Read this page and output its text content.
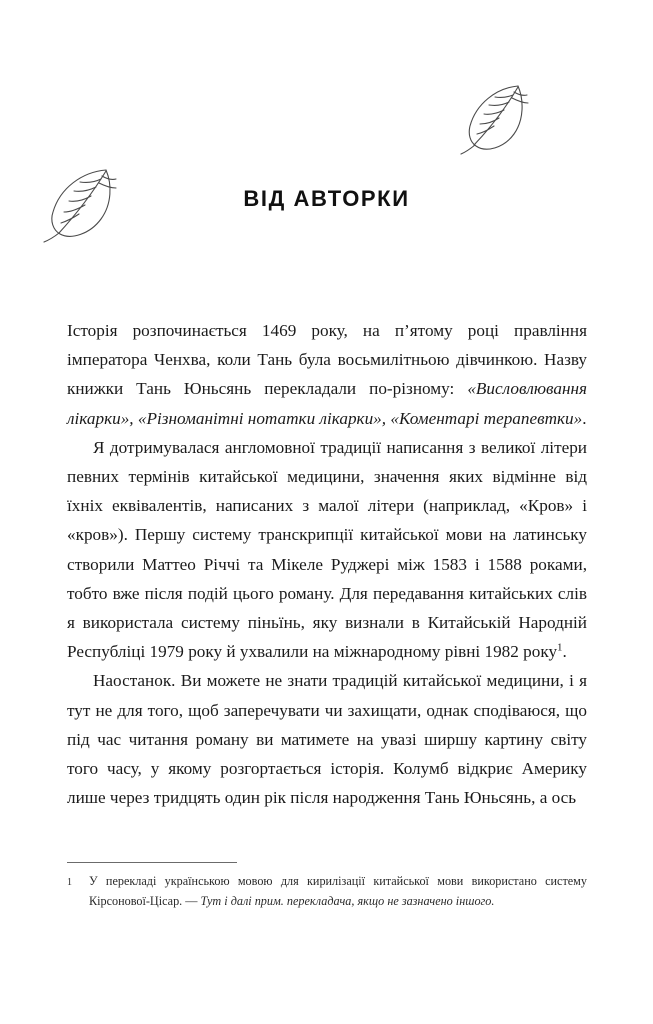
ВІД АВТОРКИ

Історія розпочинається 1469 року, на п’ятому році правління імператора Ченхва, коли Тань була восьмилітньою дівчинкою. Назву книжки Тань Юньсянь перекладали по-різному: «Висловлювання лікарки», «Різноманітні нотатки лікарки», «Коментарі терапевтки».

Я дотримувалася англомовної традиції написання з великої літери певних термінів китайської медицини, значення яких відмінне від їхніх еквівалентів, написаних з малої літери (наприклад, «Кров» і «кров»). Першу систему транскрипції китайської мови на латинську створили Маттео Річчі та Мікеле Руджері між 1583 і 1588 роками, тобто вже після подій цього роману. Для передавання китайських слів я використала систему піньїнь, яку визнали в Китайській Народній Республіці 1979 року й ухвалили на міжнародному рівні 1982 року$^1$.

Наостанок. Ви можете не знати традицій китайської медицини, і я тут не для того, щоб заперечувати чи захищати, однак сподіваюся, що під час читання роману ви матимете на увазі ширшу картину світу того часу, у якому розгортається історія. Колумб відкриє Америку лише через тридцять один рік після народження Тань Юньсянь, а ось

1	У перекладі українською мовою для кирилізації китайської мови використано систему Кірсонової-Цісар. — Тут і далі прим. перекладача, якщо не зазначено іншого.
